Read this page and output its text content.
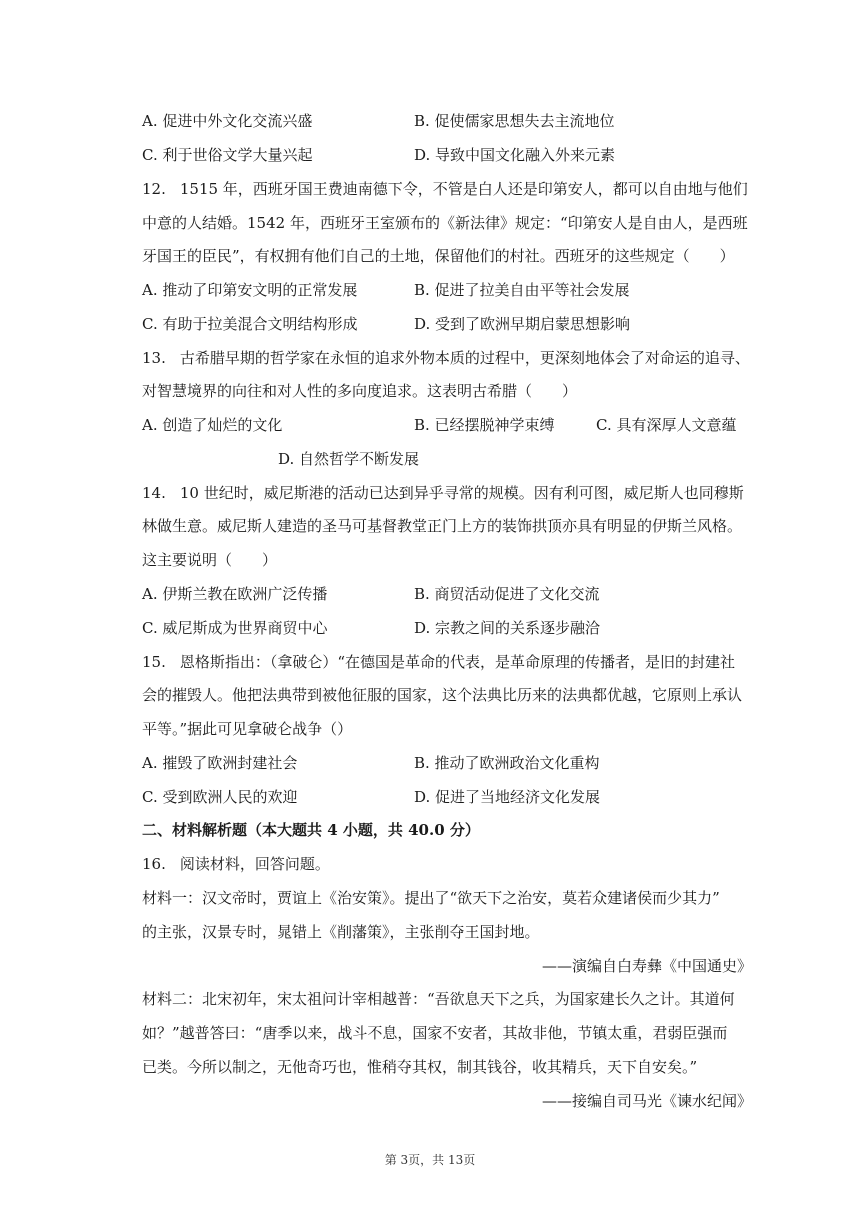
A. 促进中外文化交流兴盛	B. 促使儒家思想失去主流地位
C. 利于世俗文学大量兴起	D. 导致中国文化融入外来元素
12. 1515 年，西班牙国王费迪南德下令，不管是白人还是印第安人，都可以自由地与他们
中意的人结婚。1542 年，西班牙王室颁布的《新法律》规定：“印第安人是自由人，是西班
牙国王的臣民”，有权拥有他们自己的土地，保留他们的村社。西班牙的这些规定（　　）
A. 推动了印第安文明的正常发展	B. 促进了拉美自由平等社会发展
C. 有助于拉美混合文明结构形成	D. 受到了欧洲早期启蒙思想影响
13. 古希腊早期的哲学家在永恒的追求外物本质的过程中，更深刻地体会了对命运的追寻、
对智慧境界的向往和对人性的多向度追求。这表明古希腊（　　）
A. 创造了灿烂的文化	B. 已经摆脱神学束缚	C. 具有深厚人文意蕴
D. 自然哲学不断发展
14. 10 世纪时，威尼斯港的活动已达到异乎寻常的规模。因有利可图，威尼斯人也同穆斯
林做生意。威尼斯人建造的圣马可基督教堂正门上方的装饰拱顶亦具有明显的伊斯兰风格。
这主要说明（　　）
A. 伊斯兰教在欧洲广泛传播	B. 商贸活动促进了文化交流
C. 威尼斯成为世界商贸中心	D. 宗教之间的关系逐步融洽
15. 恩格斯指出：（拿破仑）“在德国是革命的代表，是革命原理的传播者，是旧的封建社
会的摧毁人。他把法典带到被他征服的国家，这个法典比历来的法典都优越，它原则上承认
平等。”据此可见拿破仑战争（）
A. 摧毁了欧洲封建社会	B. 推动了欧洲政治文化重构
C. 受到欧洲人民的欢迎	D. 促进了当地经济文化发展
二、材料解析题（本大题共 4 小题，共 40.0 分）
16. 阅读材料，回答问题。
材料一：汉文帝时，贾谊上《治安策》。提出了“欲天下之治安，莫若众建诸侯而少其力”
的主张，汉景专时，晁错上《削藩策》，主张削夺王国封地。
——演编自白寿彝《中国通史》
材料二：北宋初年，宋太祖问计宰相越普：“吾欲息天下之兵，为国家建长久之计。其道何
如？”越普答曰：“唐季以来，战斗不息，国家不安者，其故非他，节镇太重，君弱臣强而
已类。今所以制之，无他奇巧也，惟稍夺其权，制其钱谷，收其精兵，天下自安矣。”
——接编自司马光《谏水纪闻》
第 3页，共 13页
